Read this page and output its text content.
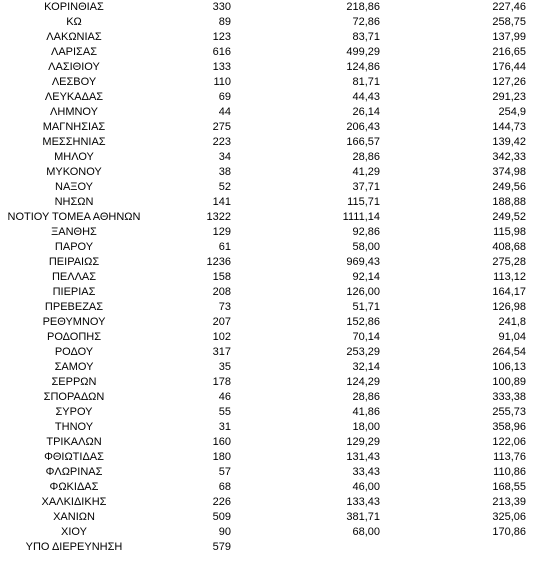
ΚΟΡΙΝΘΙΑΣ	330	218,86	227,46
ΚΩ	89	72,86	258,75
ΛΑΚΩΝΙΑΣ	123	83,71	137,99
ΛΑΡΙΣΑΣ	616	499,29	216,65
ΛΑΣΙΘΙΟΥ	133	124,86	176,44
ΛΕΣΒΟΥ	110	81,71	127,26
ΛΕΥΚΑΔΑΣ	69	44,43	291,23
ΛΗΜΝΟΥ	44	26,14	254,9
ΜΑΓΝΗΣΙΑΣ	275	206,43	144,73
ΜΕΣΣΗΝΙΑΣ	223	166,57	139,42
ΜΗΛΟΥ	34	28,86	342,33
ΜΥΚΟΝΟΥ	38	41,29	374,98
ΝΑΞΟΥ	52	37,71	249,56
ΝΗΣΩΝ	141	115,71	188,88
ΝΟΤΙΟΥ ΤΟΜΕΑ ΑΘΗΝΩΝ	1322	1111,14	249,52
ΞΑΝΘΗΣ	129	92,86	115,98
ΠΑΡΟΥ	61	58,00	408,68
ΠΕΙΡΑΙΩΣ	1236	969,43	275,28
ΠΕΛΛΑΣ	158	92,14	113,12
ΠΙΕΡΙΑΣ	208	126,00	164,17
ΠΡΕΒΕΖΑΣ	73	51,71	126,98
ΡΕΘΥΜΝΟΥ	207	152,86	241,8
ΡΟΔΟΠΗΣ	102	70,14	91,04
ΡΟΔΟΥ	317	253,29	264,54
ΣΑΜΟΥ	35	32,14	106,13
ΣΕΡΡΩΝ	178	124,29	100,89
ΣΠΟΡΑΔΩΝ	46	28,86	333,38
ΣΥΡΟΥ	55	41,86	255,73
ΤΗΝΟΥ	31	18,00	358,96
ΤΡΙΚΑΛΩΝ	160	129,29	122,06
ΦΘΙΩΤΙΔΑΣ	180	131,43	113,76
ΦΛΩΡΙΝΑΣ	57	33,43	110,86
ΦΩΚΙΔΑΣ	68	46,00	168,55
ΧΑΛΚΙΔΙΚΗΣ	226	133,43	213,39
ΧΑΝΙΩΝ	509	381,71	325,06
ΧΙΟΥ	90	68,00	170,86
ΥΠΟ ΔΙΕΡΕΥΝΗΣΗ	579		
